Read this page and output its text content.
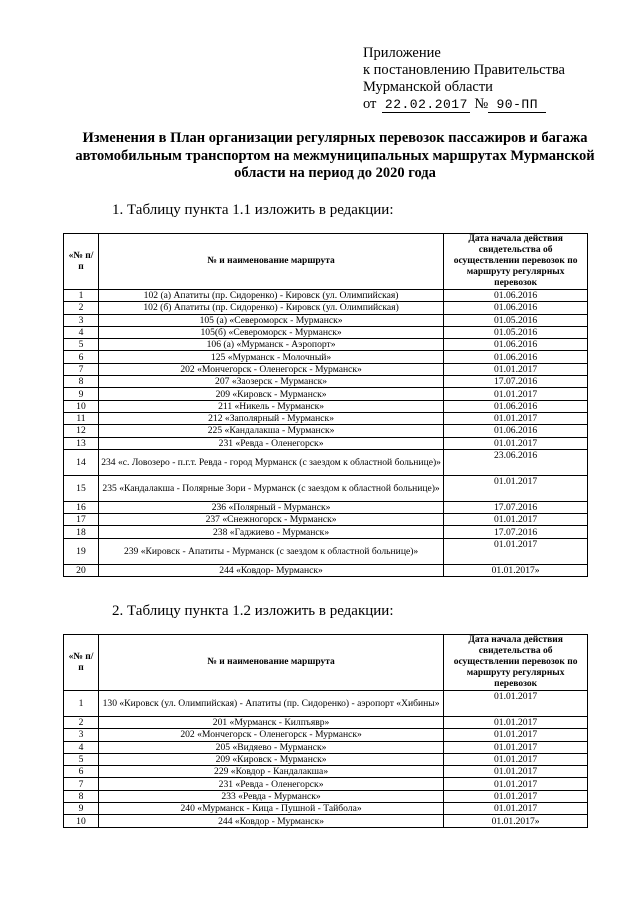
Приложение
к постановлению Правительства
Мурманской области
от 22.02.2017 № 90-ПП
Изменения в План организации регулярных перевозок пассажиров и багажа автомобильным транспортом на межмуниципальных маршрутах Мурманской области на период до 2020 года
1. Таблицу пункта 1.1 изложить в редакции:
«№ п/п	№ и наименование маршрута	Дата начала действия свидетельства об осуществлении перевозок по маршруту регулярных перевозок
1	102 (а) Апатиты (пр. Сидоренко) - Кировск (ул. Олимпийская)	01.06.2016
2	102 (б) Апатиты (пр. Сидоренко) - Кировск (ул. Олимпийская)	01.06.2016
3	105 (а) «Североморск - Мурманск»	01.05.2016
4	105(б) «Североморск - Мурманск»	01.05.2016
5	106 (а) «Мурманск - Аэропорт»	01.06.2016
6	125 «Мурманск - Молочный»	01.06.2016
7	202 «Мончегорск - Оленегорск - Мурманск»	01.01.2017
8	207 «Заозерск - Мурманск»	17.07.2016
9	209 «Кировск - Мурманск»	01.01.2017
10	211 «Никель - Мурманск»	01.06.2016
11	212 «Заполярный - Мурманск»	01.01.2017
12	225 «Кандалакша - Мурманск»	01.06.2016
13	231 «Ревда - Оленегорск»	01.01.2017
14	234 «с. Ловозеро - п.г.т. Ревда - город Мурманск (с заездом к областной больнице)»	23.06.2016
15	235 «Кандалакша - Полярные Зори - Мурманск (с заездом к областной больнице)»	01.01.2017
16	236 «Полярный - Мурманск»	17.07.2016
17	237 «Снежногорск - Мурманск»	01.01.2017
18	238 «Гаджиево - Мурманск»	17.07.2016
19	239 «Кировск - Апатиты - Мурманск (с заездом к областной больнице)»	01.01.2017
20	244 «Ковдор- Мурманск»	01.01.2017»
2. Таблицу пункта 1.2 изложить в редакции:
«№ п/п	№ и наименование маршрута	Дата начала действия свидетельства об осуществлении перевозок по маршруту регулярных перевозок
1	130 «Кировск (ул. Олимпийская) - Апатиты (пр. Сидоренко) - аэропорт «Хибины»	01.01.2017
2	201 «Мурманск - Килпъявр»	01.01.2017
3	202 «Мончегорск - Оленегорск - Мурманск»	01.01.2017
4	205 «Видяево - Мурманск»	01.01.2017
5	209 «Кировск - Мурманск»	01.01.2017
6	229 «Ковдор - Кандалакша»	01.01.2017
7	231 «Ревда - Оленегорск»	01.01.2017
8	233 «Ревда - Мурманск»	01.01.2017
9	240 «Мурманск - Кица - Пушной - Тайбола»	01.01.2017
10	244 «Ковдор - Мурманск»	01.01.2017»
